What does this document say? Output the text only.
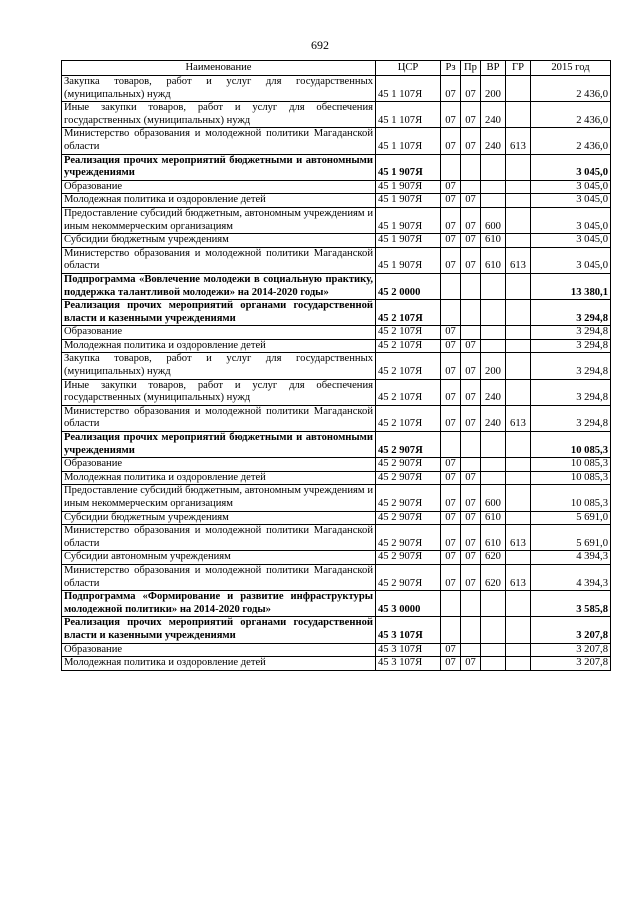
692
Наименование	ЦСР	Рз	Пр	ВР	ГР	2015 год
Закупка товаров, работ и услуг для государственных (муниципальных) нужд	45 1 107Я	07	07	200		2 436,0
Иные закупки товаров, работ и услуг для обеспечения государственных (муниципальных) нужд	45 1 107Я	07	07	240		2 436,0
Министерство образования и молодежной политики Магаданской области	45 1 107Я	07	07	240	613	2 436,0
Реализация прочих мероприятий бюджетными и автономными учреждениями	45 1 907Я					3 045,0
Образование	45 1 907Я	07				3 045,0
Молодежная политика и оздоровление детей	45 1 907Я	07	07			3 045,0
Предоставление субсидий бюджетным, автономным учреждениям и иным некоммерческим организациям	45 1 907Я	07	07	600		3 045,0
Субсидии бюджетным учреждениям	45 1 907Я	07	07	610		3 045,0
Министерство образования и молодежной политики Магаданской области	45 1 907Я	07	07	610	613	3 045,0
Подпрограмма «Вовлечение молодежи в социальную практику, поддержка талантливой молодежи» на 2014-2020 годы»	45 2 0000					13 380,1
Реализация прочих мероприятий органами государственной власти и казенными учреждениями	45 2 107Я					3 294,8
Образование	45 2 107Я	07				3 294,8
Молодежная политика и оздоровление детей	45 2 107Я	07	07			3 294,8
Закупка товаров, работ и услуг для государственных (муниципальных) нужд	45 2 107Я	07	07	200		3 294,8
Иные закупки товаров, работ и услуг для обеспечения государственных (муниципальных) нужд	45 2 107Я	07	07	240		3 294,8
Министерство образования и молодежной политики Магаданской области	45 2 107Я	07	07	240	613	3 294,8
Реализация прочих мероприятий бюджетными и автономными учреждениями	45 2 907Я					10 085,3
Образование	45 2 907Я	07				10 085,3
Молодежная политика и оздоровление детей	45 2 907Я	07	07			10 085,3
Предоставление субсидий бюджетным, автономным учреждениям и иным некоммерческим организациям	45 2 907Я	07	07	600		10 085,3
Субсидии бюджетным учреждениям	45 2 907Я	07	07	610		5 691,0
Министерство образования и молодежной политики Магаданской области	45 2 907Я	07	07	610	613	5 691,0
Субсидии автономным учреждениям	45 2 907Я	07	07	620		4 394,3
Министерство образования и молодежной политики Магаданской области	45 2 907Я	07	07	620	613	4 394,3
Подпрограмма «Формирование и развитие инфраструктуры молодежной политики» на 2014-2020 годы»	45 3 0000					3 585,8
Реализация прочих мероприятий органами государственной власти и казенными учреждениями	45 3 107Я					3 207,8
Образование	45 3 107Я	07				3 207,8
Молодежная политика и оздоровление детей	45 3 107Я	07	07			3 207,8
